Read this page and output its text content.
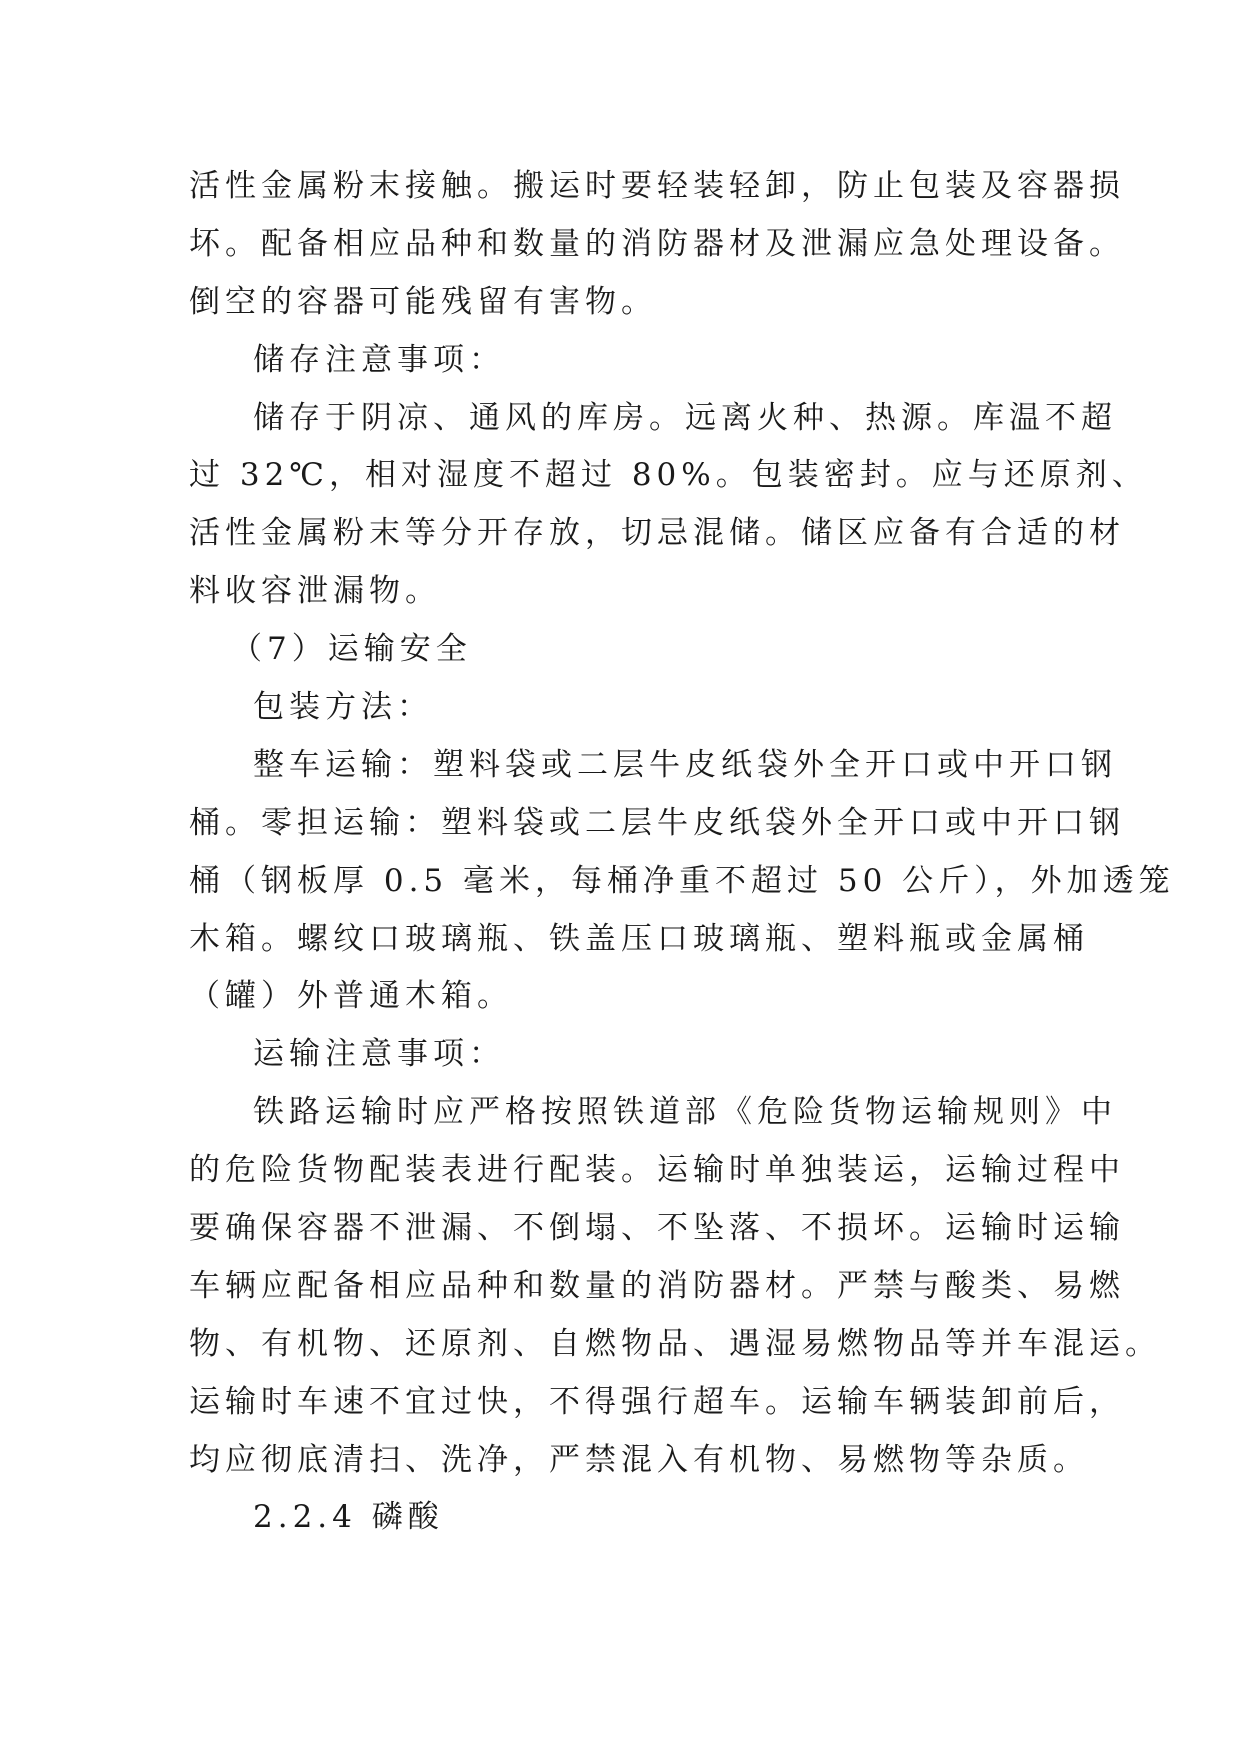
活性金属粉末接触。搬运时要轻装轻卸，防止包装及容器损
坏。配备相应品种和数量的消防器材及泄漏应急处理设备。
倒空的容器可能残留有害物。
储存注意事项：
储存于阴凉、通风的库房。远离火种、热源。库温不超
过 32℃，相对湿度不超过 80%。包装密封。应与还原剂、
活性金属粉末等分开存放，切忌混储。储区应备有合适的材
料收容泄漏物。
（7）运输安全
包装方法：
整车运输：塑料袋或二层牛皮纸袋外全开口或中开口钢
桶。零担运输：塑料袋或二层牛皮纸袋外全开口或中开口钢
桶（钢板厚 0.5 毫米，每桶净重不超过 50 公斤），外加透笼
木箱。螺纹口玻璃瓶、铁盖压口玻璃瓶、塑料瓶或金属桶
（罐）外普通木箱。
运输注意事项：
铁路运输时应严格按照铁道部《危险货物运输规则》中
的危险货物配装表进行配装。运输时单独装运，运输过程中
要确保容器不泄漏、不倒塌、不坠落、不损坏。运输时运输
车辆应配备相应品种和数量的消防器材。严禁与酸类、易燃
物、有机物、还原剂、自燃物品、遇湿易燃物品等并车混运。
运输时车速不宜过快，不得强行超车。运输车辆装卸前后，
均应彻底清扫、洗净，严禁混入有机物、易燃物等杂质。
2.2.4 磷酸
